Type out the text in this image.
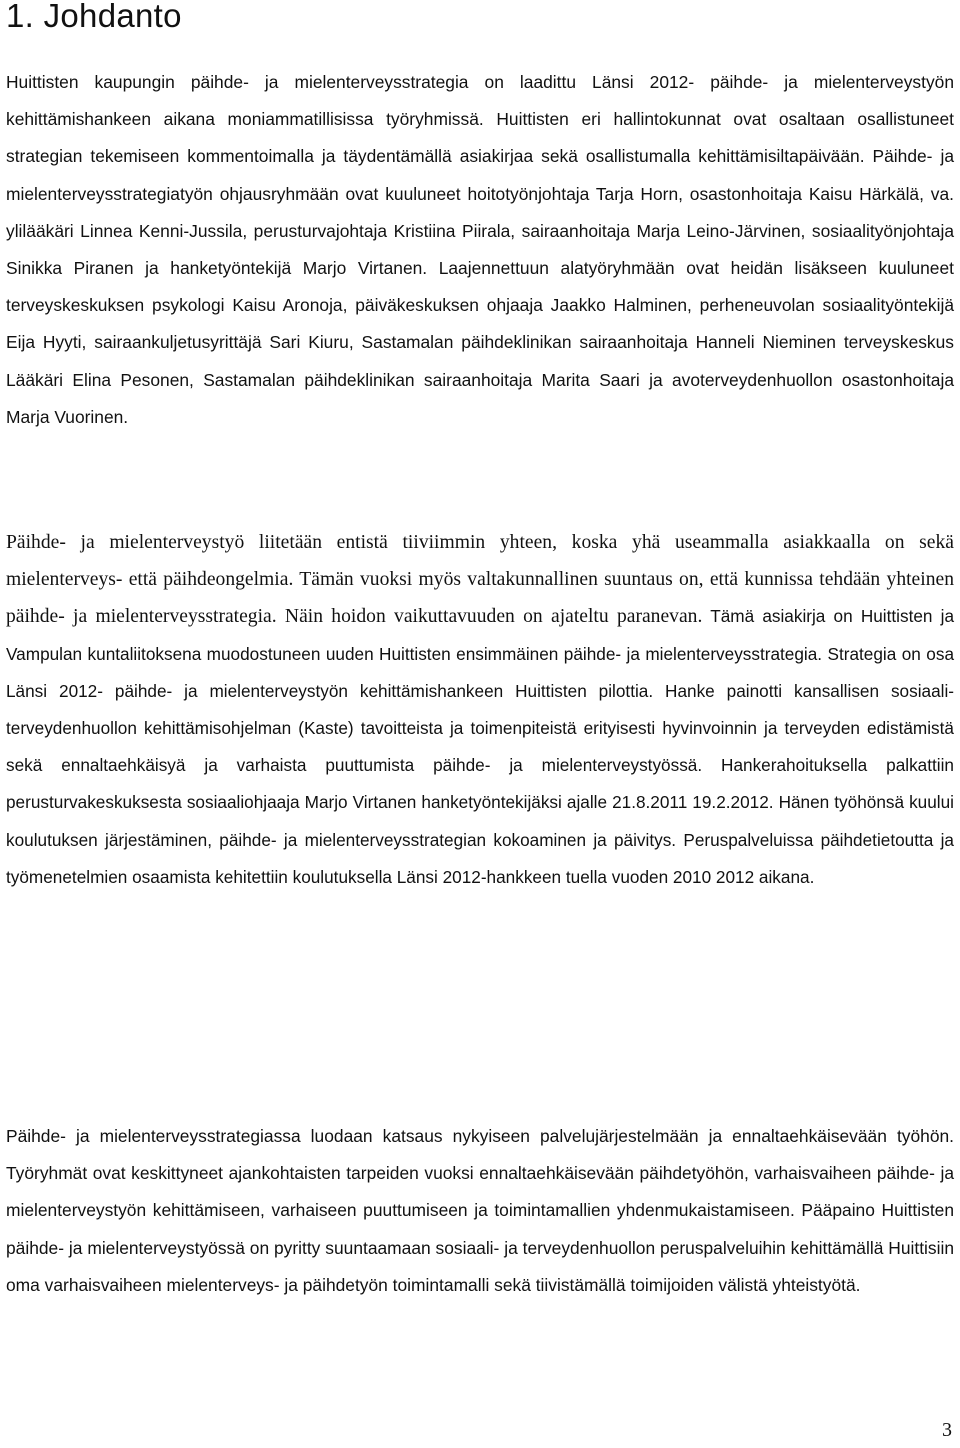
1. Johdanto

Huittisten kaupungin päihde- ja mielenterveysstrategia on laadittu Länsi 2012- päihde- ja mielenterveystyön kehittämishankeen aikana moniammatillisissa työryhmissä. Huittisten eri hallintokunnat ovat osaltaan osallistuneet strategian tekemiseen kommentoimalla ja täydentämällä asiakirjaa sekä osallistumalla kehittämisiltapäivään. Päihde- ja mielenterveysstrategiatyön ohjausryhmään ovat kuuluneet hoitotyönjohtaja Tarja Horn, osastonhoitaja Kaisu Härkälä, va. ylilääkäri Linnea Kenni-Jussila, perusturvajohtaja Kristiina Piirala, sairaanhoitaja Marja Leino-Järvinen, sosiaalityönjohtaja Sinikka Piranen ja hanketyöntekijä Marjo Virtanen. Laajennettuun alatyöryhmään ovat heidän lisäkseen kuuluneet terveyskeskuksen psykologi Kaisu Aronoja, päiväkeskuksen ohjaaja Jaakko Halminen, perheneuvolan sosiaalityöntekijä Eija Hyyti, sairaankuljetusyrittäjä Sari Kiuru, Sastamalan päihdeklinikan sairaanhoitaja Hanneli Nieminen terveyskeskus Lääkäri Elina Pesonen, Sastamalan päihdeklinikan sairaanhoitaja Marita Saari ja avoterveydenhuollon osastonhoitaja Marja Vuorinen.

Päihde- ja mielenterveystyö liitetään entistä tiiviimmin yhteen, koska yhä useammalla asiakkaalla on sekä mielenterveys- että päihdeongelmia. Tämän vuoksi myös valtakunnallinen suuntaus on, että kunnissa tehdään yhteinen päihde- ja mielenterveysstrategia. Näin hoidon vaikuttavuuden on ajateltu paranevan. Tämä asiakirja on Huittisten ja Vampulan kuntaliitoksena muodostuneen uuden Huittisten ensimmäinen päihde- ja mielenterveysstrategia. Strategia on osa Länsi 2012- päihde- ja mielenterveystyön kehittämishankeen Huittisten pilottia. Hanke painotti kansallisen sosiaali- terveydenhuollon kehittämisohjelman (Kaste) tavoitteista ja toimenpiteistä erityisesti hyvinvoinnin ja terveyden edistämistä sekä ennaltaehkäisyä ja varhaista puuttumista päihde- ja mielenterveystyössä. Hankerahoituksella palkattiin perusturvakeskuksesta sosiaaliohjaaja Marjo Virtanen hanketyöntekijäksi ajalle 21.8.2011 19.2.2012. Hänen työhönsä kuului koulutuksen järjestäminen, päihde- ja mielenterveysstrategian kokoaminen ja päivitys. Peruspalveluissa päihdetietoutta ja työmenetelmien osaamista kehitettiin koulutuksella Länsi 2012-hankkeen tuella vuoden 2010 2012 aikana.

Päihde- ja mielenterveysstrategiassa luodaan katsaus nykyiseen palvelujärjestelmään ja ennaltaehkäisevään työhön. Työryhmät ovat keskittyneet ajankohtaisten tarpeiden vuoksi ennaltaehkäisevään päihdetyöhön, varhaisvaiheen päihde- ja mielenterveystyön kehittämiseen, varhaiseen puuttumiseen ja toimintamallien yhdenmukaistamiseen. Pääpaino Huittisten päihde- ja mielenterveystyössä on pyritty suuntaamaan sosiaali- ja terveydenhuollon peruspalveluihin kehittämällä Huittisiin oma varhaisvaiheen mielenterveys- ja päihdetyön toimintamalli sekä tiivistämällä toimijoiden välistä yhteistyötä.

3
